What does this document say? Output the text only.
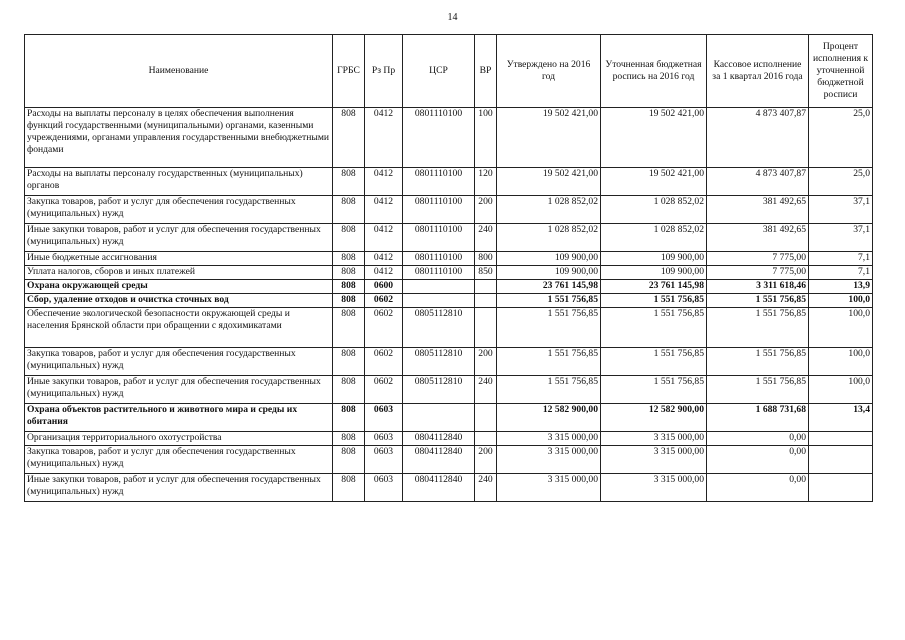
14
Наименование	ГРБС	Рз Пр	ЦСР	ВР	Утверждено на 2016 год	Уточненная бюджетная роспись на 2016 год	Кассовое исполнение за 1 квартал 2016 года	Процент исполнения к уточненной бюджетной росписи
Расходы на выплаты персоналу в целях обеспечения выполнения функций государственными (муниципальными) органами, казенными учреждениями, органами управления государственными внебюджетными фондами	808	0412	0801110100	100	19 502 421,00	19 502 421,00	4 873 407,87	25,0
Расходы на выплаты персоналу государственных (муниципальных) органов	808	0412	0801110100	120	19 502 421,00	19 502 421,00	4 873 407,87	25,0
Закупка товаров, работ и услуг для обеспечения государственных (муниципальных) нужд	808	0412	0801110100	200	1 028 852,02	1 028 852,02	381 492,65	37,1
Иные закупки товаров, работ и услуг для обеспечения государственных (муниципальных) нужд	808	0412	0801110100	240	1 028 852,02	1 028 852,02	381 492,65	37,1
Иные бюджетные ассигнования	808	0412	0801110100	800	109 900,00	109 900,00	7 775,00	7,1
Уплата налогов, сборов и иных платежей	808	0412	0801110100	850	109 900,00	109 900,00	7 775,00	7,1
Охрана окружающей среды	808	0600			23 761 145,98	23 761 145,98	3 311 618,46	13,9
Сбор, удаление отходов и очистка сточных вод	808	0602			1 551 756,85	1 551 756,85	1 551 756,85	100,0
Обеспечение экологической безопасности окружающей среды и населения Брянской области при обращении с ядохимикатами	808	0602	0805112810		1 551 756,85	1 551 756,85	1 551 756,85	100,0
Закупка товаров, работ и услуг для обеспечения государственных (муниципальных) нужд	808	0602	0805112810	200	1 551 756,85	1 551 756,85	1 551 756,85	100,0
Иные закупки товаров, работ и услуг для обеспечения государственных (муниципальных) нужд	808	0602	0805112810	240	1 551 756,85	1 551 756,85	1 551 756,85	100,0
Охрана объектов растительного и животного мира и среды их обитания	808	0603			12 582 900,00	12 582 900,00	1 688 731,68	13,4
Организация территориального охотустройства	808	0603	0804112840		3 315 000,00	3 315 000,00	0,00	
Закупка товаров, работ и услуг для обеспечения государственных (муниципальных) нужд	808	0603	0804112840	200	3 315 000,00	3 315 000,00	0,00	
Иные закупки товаров, работ и услуг для обеспечения государственных (муниципальных) нужд	808	0603	0804112840	240	3 315 000,00	3 315 000,00	0,00	
